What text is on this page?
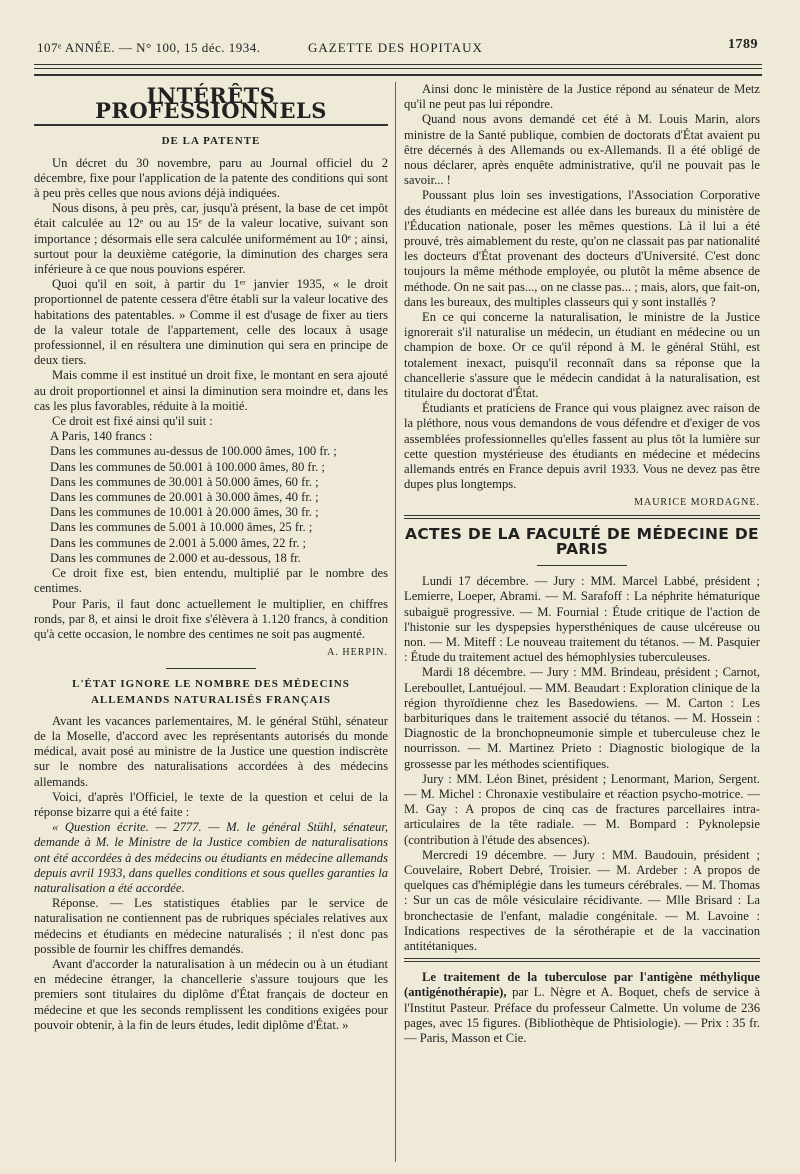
107ᵉ ANNÉE. — N° 100, 15 déc. 1934.	GAZETTE DES HOPITAUX	1789
INTÉRÊTS PROFESSIONNELS
DE LA PATENTE

Un décret du 30 novembre, paru au Journal officiel du 2 décembre, fixe pour l'application de la patente des conditions qui sont à peu près celles que nous avions déjà indiquées.

Nous disons, à peu près, car, jusqu'à présent, la base de cet impôt était calculée au 12ᵉ ou au 15ᵉ de la valeur locative, suivant son importance ; désormais elle sera calculée uniformément au 10ᵉ ; ainsi, surtout pour la deuxième catégorie, la diminution des charges sera inférieure à ce que nous pouvions espérer.

Quoi qu'il en soit, à partir du 1ᵉʳ janvier 1935, « le droit proportionnel de patente cessera d'être établi sur la valeur locative des habitations des patentables. » Comme il est d'usage de fixer au tiers de la valeur totale de l'appartement, celle des locaux à usage professionnel, il en résultera une diminution qui sera en principe de deux tiers.

Mais comme il est institué un droit fixe, le montant en sera ajouté au droit proportionnel et ainsi la diminution sera moindre et, dans les cas les plus favorables, réduite à la moitié.

Ce droit est fixé ainsi qu'il suit :

A Paris, 140 francs :

Dans les communes au-dessus de 100.000 âmes, 100 fr. ;

Dans les communes de 50.001 à 100.000 âmes, 80 fr. ;

Dans les communes de 30.001 à 50.000 âmes, 60 fr. ;

Dans les communes de 20.001 à 30.000 âmes, 40 fr. ;

Dans les communes de 10.001 à 20.000 âmes, 30 fr. ;

Dans les communes de 5.001 à 10.000 âmes, 25 fr. ;

Dans les communes de 2.001 à 5.000 âmes, 22 fr. ;

Dans les communes de 2.000 et au-dessous, 18 fr.

Ce droit fixe est, bien entendu, multiplié par le nombre des centimes.

Pour Paris, il faut donc actuellement le multiplier, en chiffres ronds, par 8, et ainsi le droit fixe s'élèvera à 1.120 francs, à condition qu'à cette occasion, le nombre des centimes ne soit pas augmenté.

A. HERPIN.
L'ÉTAT IGNORE LE NOMBRE DES MÉDECINS ALLEMANDS NATURALISÉS FRANÇAIS

Avant les vacances parlementaires, M. le général Stühl, sénateur de la Moselle, d'accord avec les représentants autorisés du monde médical, avait posé au ministre de la Justice une question indiscrète sur le nombre des naturalisations accordées à des médecins allemands.

Voici, d'après l'Officiel, le texte de la question et celui de la réponse bizarre qui a été faite :

« Question écrite. — 2777. — M. le général Stühl, sénateur, demande à M. le Ministre de la Justice combien de naturalisations ont été accordées à des médecins ou étudiants en médecine allemands depuis avril 1933, dans quelles conditions et sous quelles garanties la naturalisation a été accordée.

Réponse. — Les statistiques établies par le service de naturalisation ne contiennent pas de rubriques spéciales relatives aux médecins et étudiants en médecine naturalisés ; il n'est donc pas possible de fournir les chiffres demandés.

Avant d'accorder la naturalisation à un médecin ou à un étudiant en médecine étranger, la chancellerie s'assure toujours que les premiers sont titulaires du diplôme d'État français de docteur en médecine et que les seconds remplissent les conditions exigées pour pouvoir obtenir, à la fin de leurs études, ledit diplôme d'État. »

Ainsi donc le ministère de la Justice répond au sénateur de Metz qu'il ne peut pas lui répondre.

Quand nous avons demandé cet été à M. Louis Marin, alors ministre de la Santé publique, combien de doctorats d'État avaient pu être décernés à des Allemands ou ex-Allemands. Il a été obligé de nous déclarer, après enquête administrative, qu'il ne pouvait pas le savoir... !

Poussant plus loin ses investigations, l'Association Corporative des étudiants en médecine est allée dans les bureaux du ministère de l'Éducation nationale, poser les mêmes questions. Là il lui a été prouvé, très aimablement du reste, qu'on ne classait pas par nationalité les docteurs d'État provenant des docteurs d'Université. C'est donc toujours la même méthode employée, ou plutôt la même absence de méthode. On ne sait pas..., on ne classe pas... ; mais, alors, que fait-on, dans les bureaux, des multiples classeurs qui y sont installés ?

En ce qui concerne la naturalisation, le ministre de la Justice ignorerait s'il naturalise un médecin, un étudiant en médecine ou un champion de boxe. Or ce qu'il répond à M. le général Stühl, est totalement inexact, puisqu'il reconnaît dans sa réponse que la chancellerie s'assure que le médecin candidat à la naturalisation, est titulaire du doctorat d'État.

Étudiants et praticiens de France qui vous plaignez avec raison de la pléthore, nous vous demandons de vous défendre et d'exiger de vos assemblées professionnelles qu'elles fassent au plus tôt la lumière sur cette question mystérieuse des étudiants en médecine et médecins allemands entrés en France depuis avril 1933. Vous ne devez pas être dupes plus longtemps.

MAURICE MORDAGNE.
ACTES DE LA FACULTÉ DE MÉDECINE DE PARIS

Lundi 17 décembre. — Jury : MM. Marcel Labbé, président ; Lemierre, Loeper, Abrami. — M. Sarafoff : La néphrite hématurique subaiguë progressive. — M. Fournial : Étude critique de l'action de l'histonie sur les dyspepsies hypersthéniques de cause ulcéreuse ou non. — M. Miteff : Le nouveau traitement du tétanos. — M. Pasquier : Étude du traitement actuel des hémophlysies tuberculeuses.

Mardi 18 décembre. — Jury : MM. Brindeau, président ; Carnot, Lereboullet, Lantuéjoul. — MM. Beaudart : Exploration clinique de la région thyroïdienne chez les Basedowiens. — M. Carton : Les barbituriques dans le traitement associé du tétanos. — M. Hossein : Diagnostic de la bronchopneumonie simple et tuberculeuse chez le nourrisson. — M. Martinez Prieto : Diagnostic biologique de la grossesse par les méthodes scientifiques.

Jury : MM. Léon Binet, président ; Lenormant, Marion, Sergent. — M. Michel : Chronaxie vestibulaire et réaction psycho-motrice. — M. Gay : A propos de cinq cas de fractures parcellaires intra-articulaires de la tête radiale. — M. Bompard : Pyknolepsie (contribution à l'étude des absences).

Mercredi 19 décembre. — Jury : MM. Baudouin, président ; Couvelaire, Robert Debré, Troisier. — M. Ardeber : A propos de quelques cas d'hémiplégie dans les tumeurs cérébrales. — M. Thomas : Sur un cas de môle vésiculaire récidivante. — Mlle Brisard : La bronchectasie de l'enfant, maladie congénitale. — M. Lavoine : Indications respectives de la sérothérapie et de la vaccination antitétaniques.

Le traitement de la tuberculose par l'antigène méthylique (antigénothérapie), par L. Nègre et A. Boquet, chefs de service à l'Institut Pasteur. Préface du professeur Calmette. Un volume de 236 pages, avec 15 figures. (Bibliothèque de Phtisiologie). — Prix : 35 fr. — Paris, Masson et Cie.
